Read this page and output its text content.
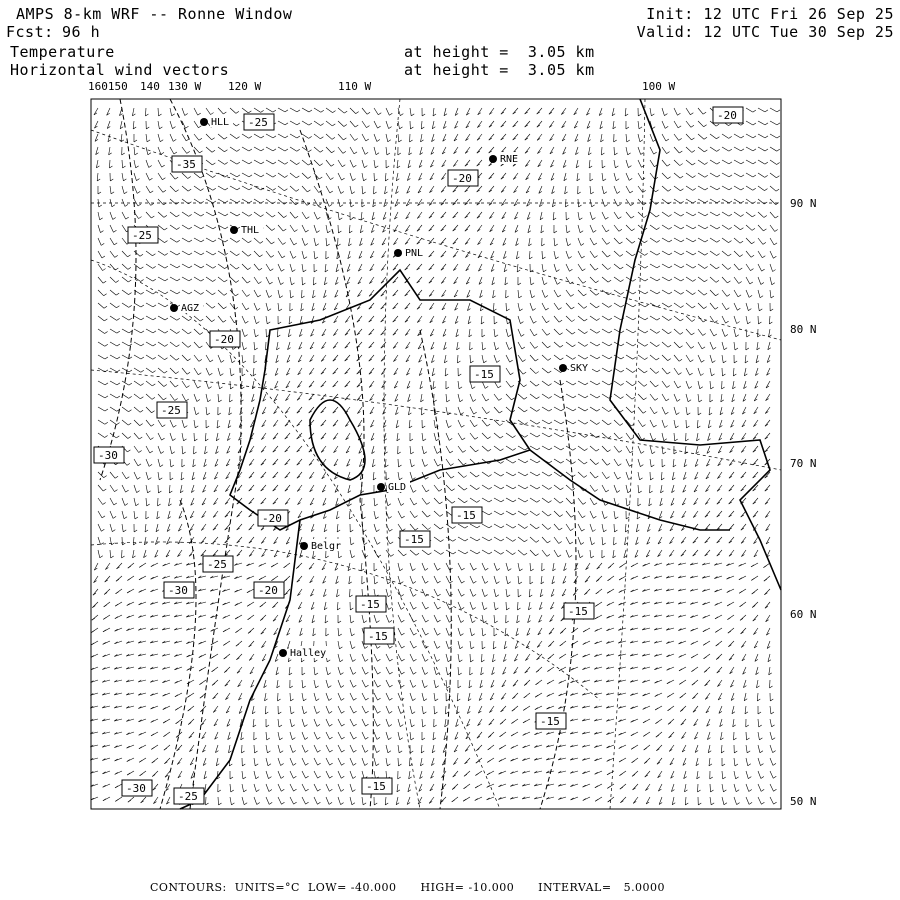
AMPS 8-km WRF -- Ronne Window
Fcst: 96 h
Init: 12 UTC Fri 26 Sep 25
Valid: 12 UTC Tue 30 Sep 25
Temperature
Horizontal wind vectors
at height =  3.05 km
at height =  3.05 km
HLL
RNE
THL
PNL
AGZ
SKY
GLD
Belgr
Halley
-25
-35
-20
-25
-20
-25
-30
-20
-15
-15
-15
-25
-30	-20
-15
-15
-15
-15
-30
-25
-15
-20
160150 140 130 W 120 W	110 W	100 W
90 N
80 N
70 N
60 N
50 N
CONTOURS:  UNITS=°C  LOW= -40.000      HIGH= -10.000      INTERVAL=   5.0000
